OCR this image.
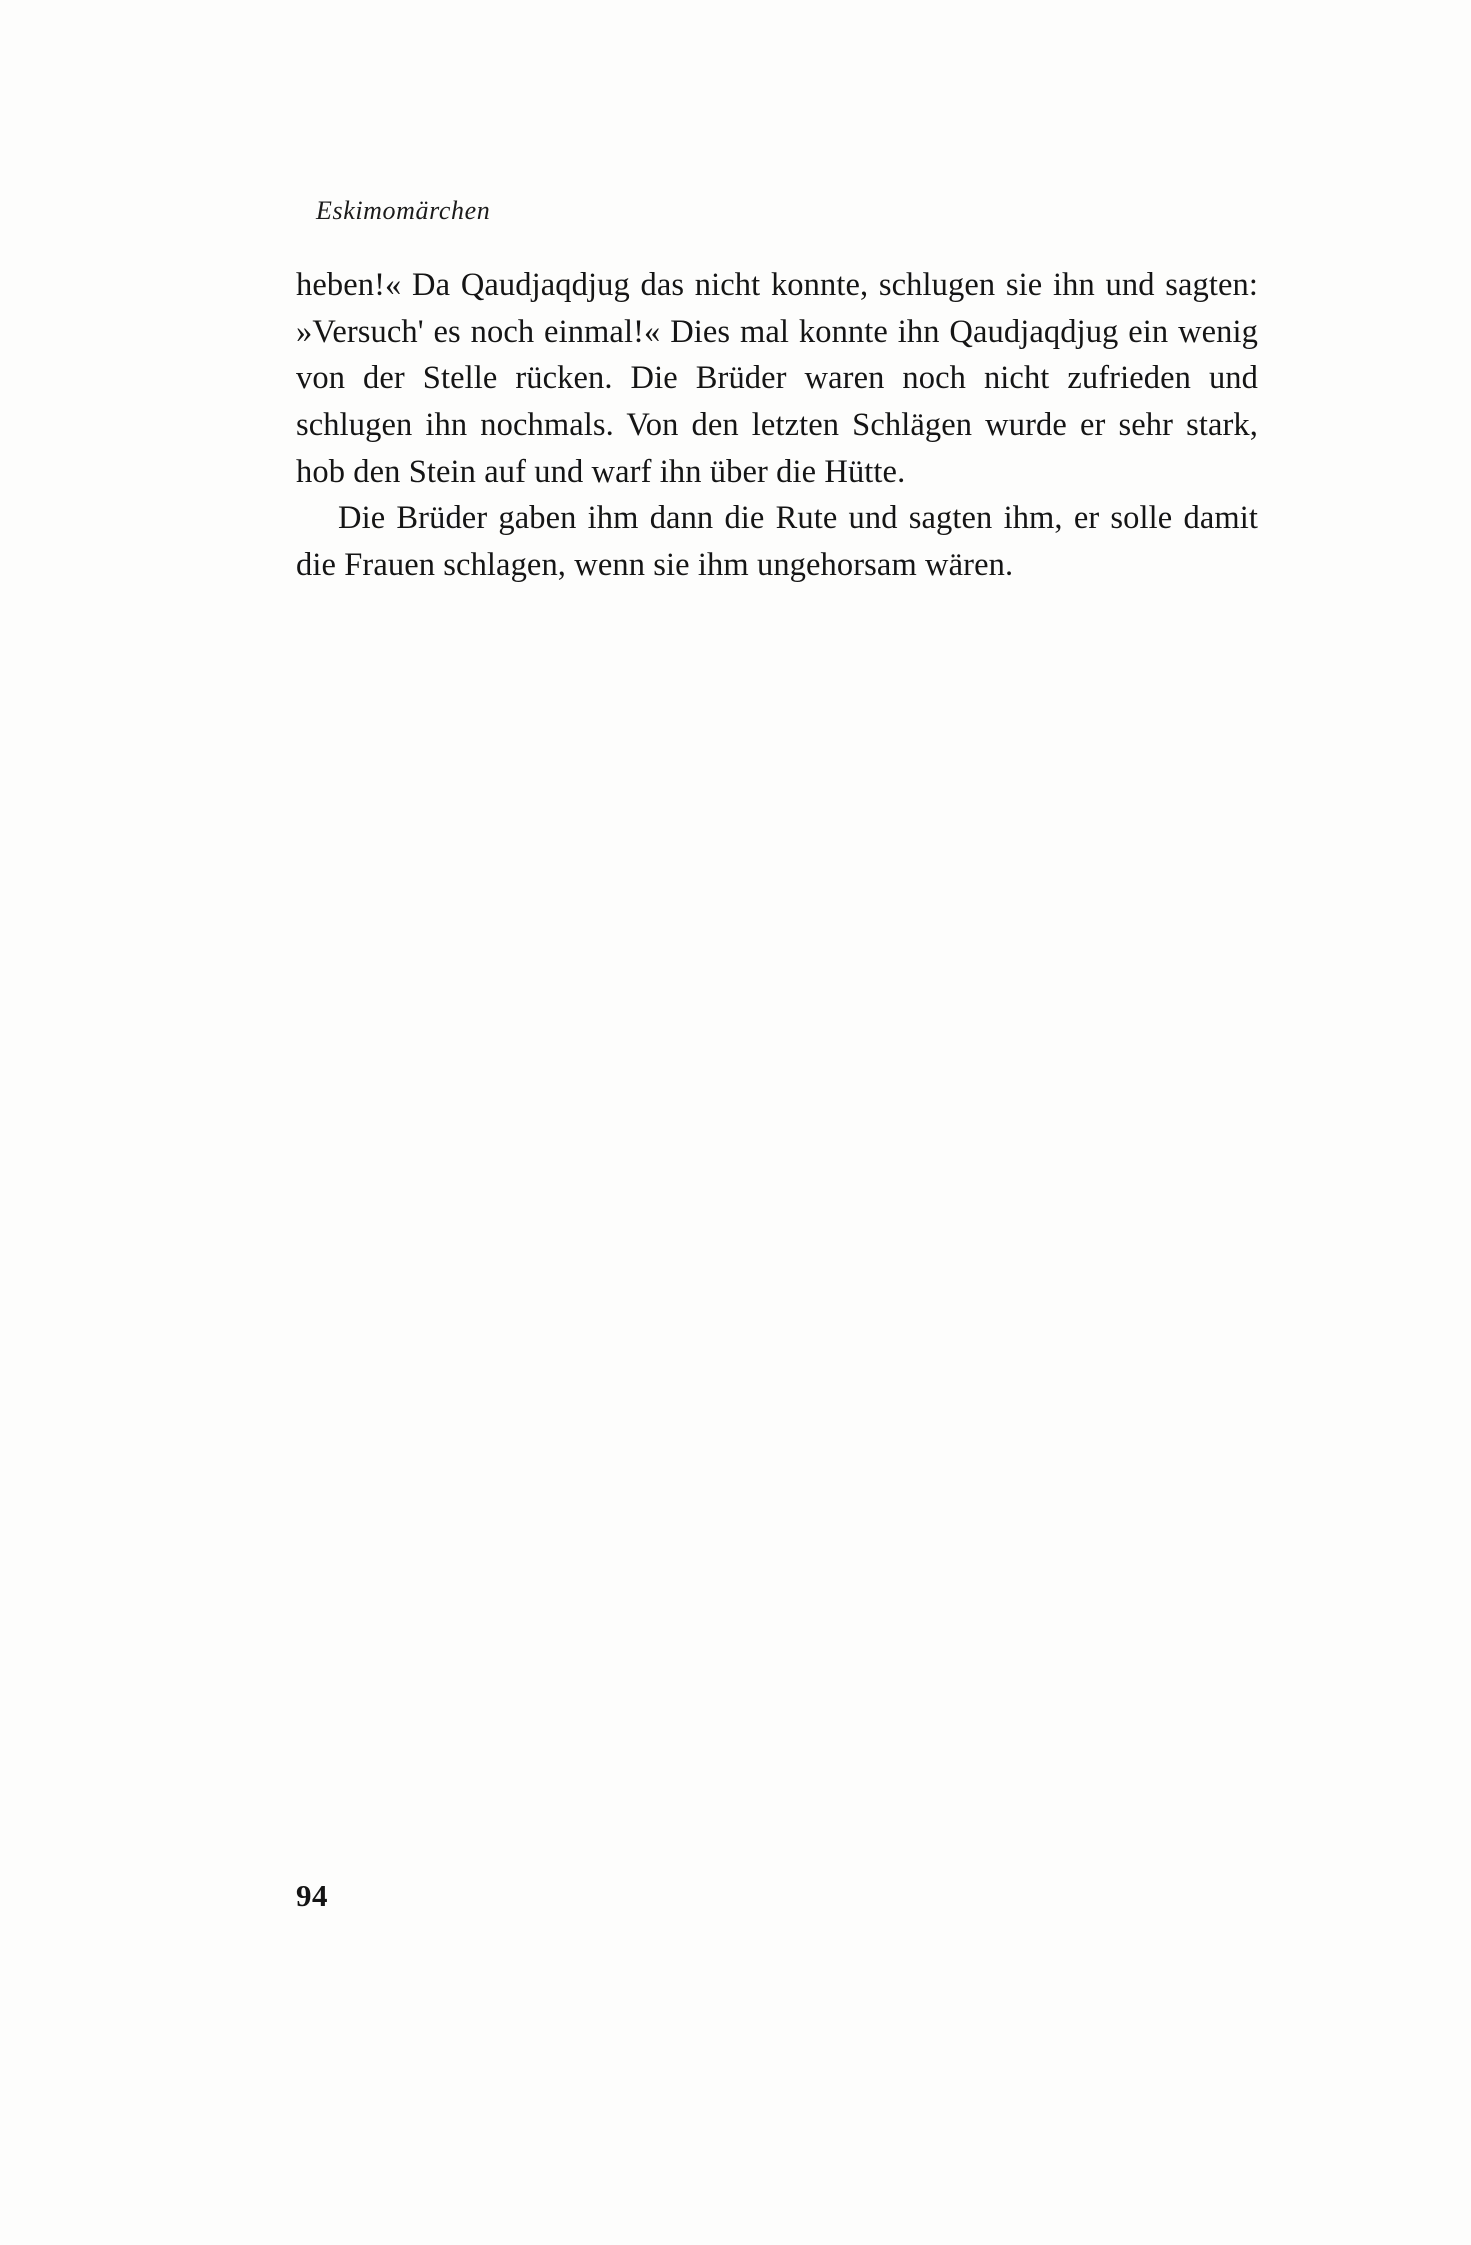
Eskimomärchen

heben!« Da Qaudjaqdjug das nicht konnte, schlugen sie ihn und sagten: »Versuch' es noch einmal!« Dies mal konnte ihn Qaudjaqdjug ein wenig von der Stelle rücken. Die Brüder waren noch nicht zufrieden und schlugen ihn nochmals. Von den letzten Schlägen wurde er sehr stark, hob den Stein auf und warf ihn über die Hütte.

Die Brüder gaben ihm dann die Rute und sagten ihm, er solle damit die Frauen schlagen, wenn sie ihm ungehorsam wären.

94
